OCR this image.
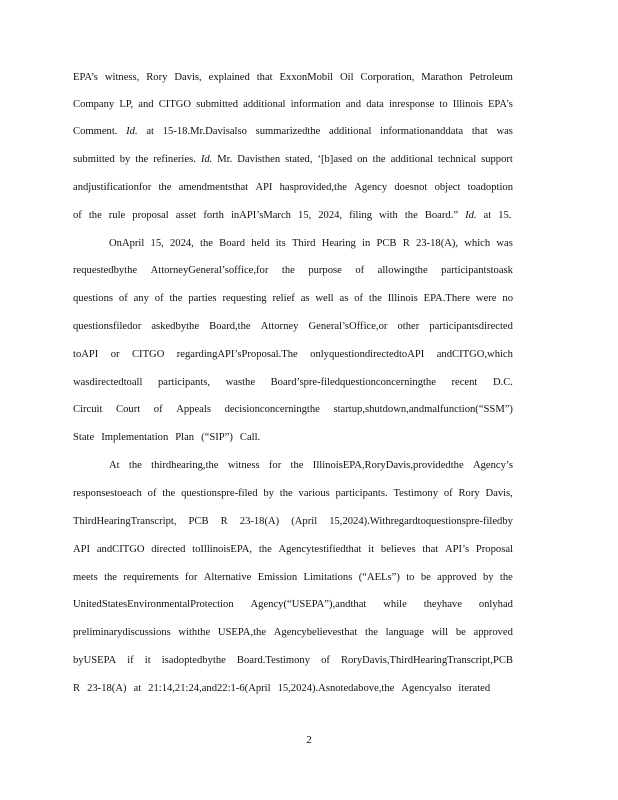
EPA’s witness, Rory Davis, explained that ExxonMobil Oil Corporation, Marathon Petroleum
Company LP, and CITGO submitted additional information and data inresponse to Illinois EPA’s
Comment. Id. at 15-18.Mr.Davisalso summarizedthe additional informationanddata that was
submitted by the refineries. Id. Mr. Davisthen stated, ‘[b]ased on the additional technical support
andjustificationfor the amendmentsthat API hasprovided,the Agency doesnot object toadoption
of the rule proposal asset forth inAPI’sMarch 15, 2024, filing with the Board.” Id. at 15.
OnApril 15, 2024, the Board held its Third Hearing in PCB R 23-18(A), which was
requestedbythe AttorneyGeneral’soffice,for the purpose of allowingthe participantstoask
questions of any of the parties requesting relief as well as of the Illinois EPA.There were no
questionsfiledor askedbythe Board,the Attorney General’sOffice,or other participantsdirected
toAPI or CITGO regardingAPI’sProposal.The onlyquestiondirectedtoAPI andCITGO,which
wasdirectedtoall participants, wasthe Board’spre-filedquestionconcerningthe recent D.C.
Circuit Court of Appeals decisionconcerningthe startup,shutdown,andmalfunction(“SSM”)
State Implementation Plan (“SIP”) Call.
At the thirdhearing,the witness for the IllinoisEPA,RoryDavis,providedthe Agency’s
responsestoeach of the questionspre-filed by the various participants. Testimony of Rory Davis,
ThirdHearingTranscript, PCB R 23-18(A) (April 15,2024).Withregardtoquestionspre-filedby
API andCITGO directed toIllinoisEPA, the Agencytestifiedthat it believes that API’s Proposal
meets the requirements for Alternative Emission Limitations (“AELs”) to be approved by the
UnitedStatesEnvironmentalProtection Agency(“USEPA”),andthat while theyhave onlyhad
preliminarydiscussions withthe USEPA,the Agencybelievesthat the language will be approved
byUSEPA if it isadoptedbythe Board.Testimony of RoryDavis,ThirdHearingTranscript,PCB
R 23-18(A) at 21:14,21:24,and22:1-6(April 15,2024).Asnotedabove,the Agencyalso iterated
2
